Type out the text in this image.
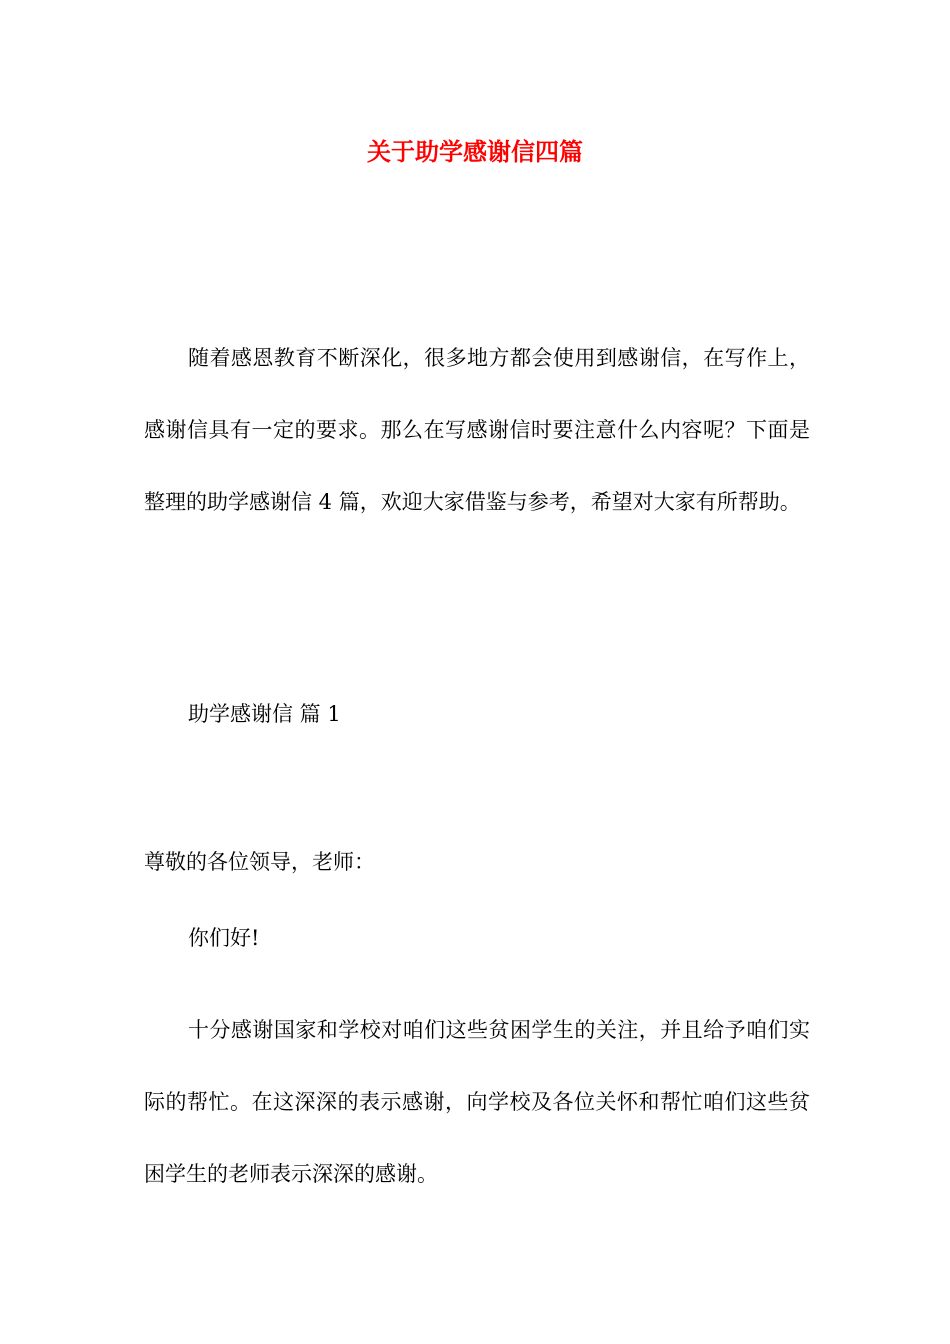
关于助学感谢信四篇

随着感恩教育不断深化，很多地方都会使用到感谢信，在写作上，感谢信具有一定的要求。那么在写感谢信时要注意什么内容呢？下面是整理的助学感谢信 4 篇，欢迎大家借鉴与参考，希望对大家有所帮助。

助学感谢信 篇 1

尊敬的各位领导，老师：

你们好!

十分感谢国家和学校对咱们这些贫困学生的关注，并且给予咱们实际的帮忙。在这深深的表示感谢，向学校及各位关怀和帮忙咱们这些贫困学生的老师表示深深的感谢。
